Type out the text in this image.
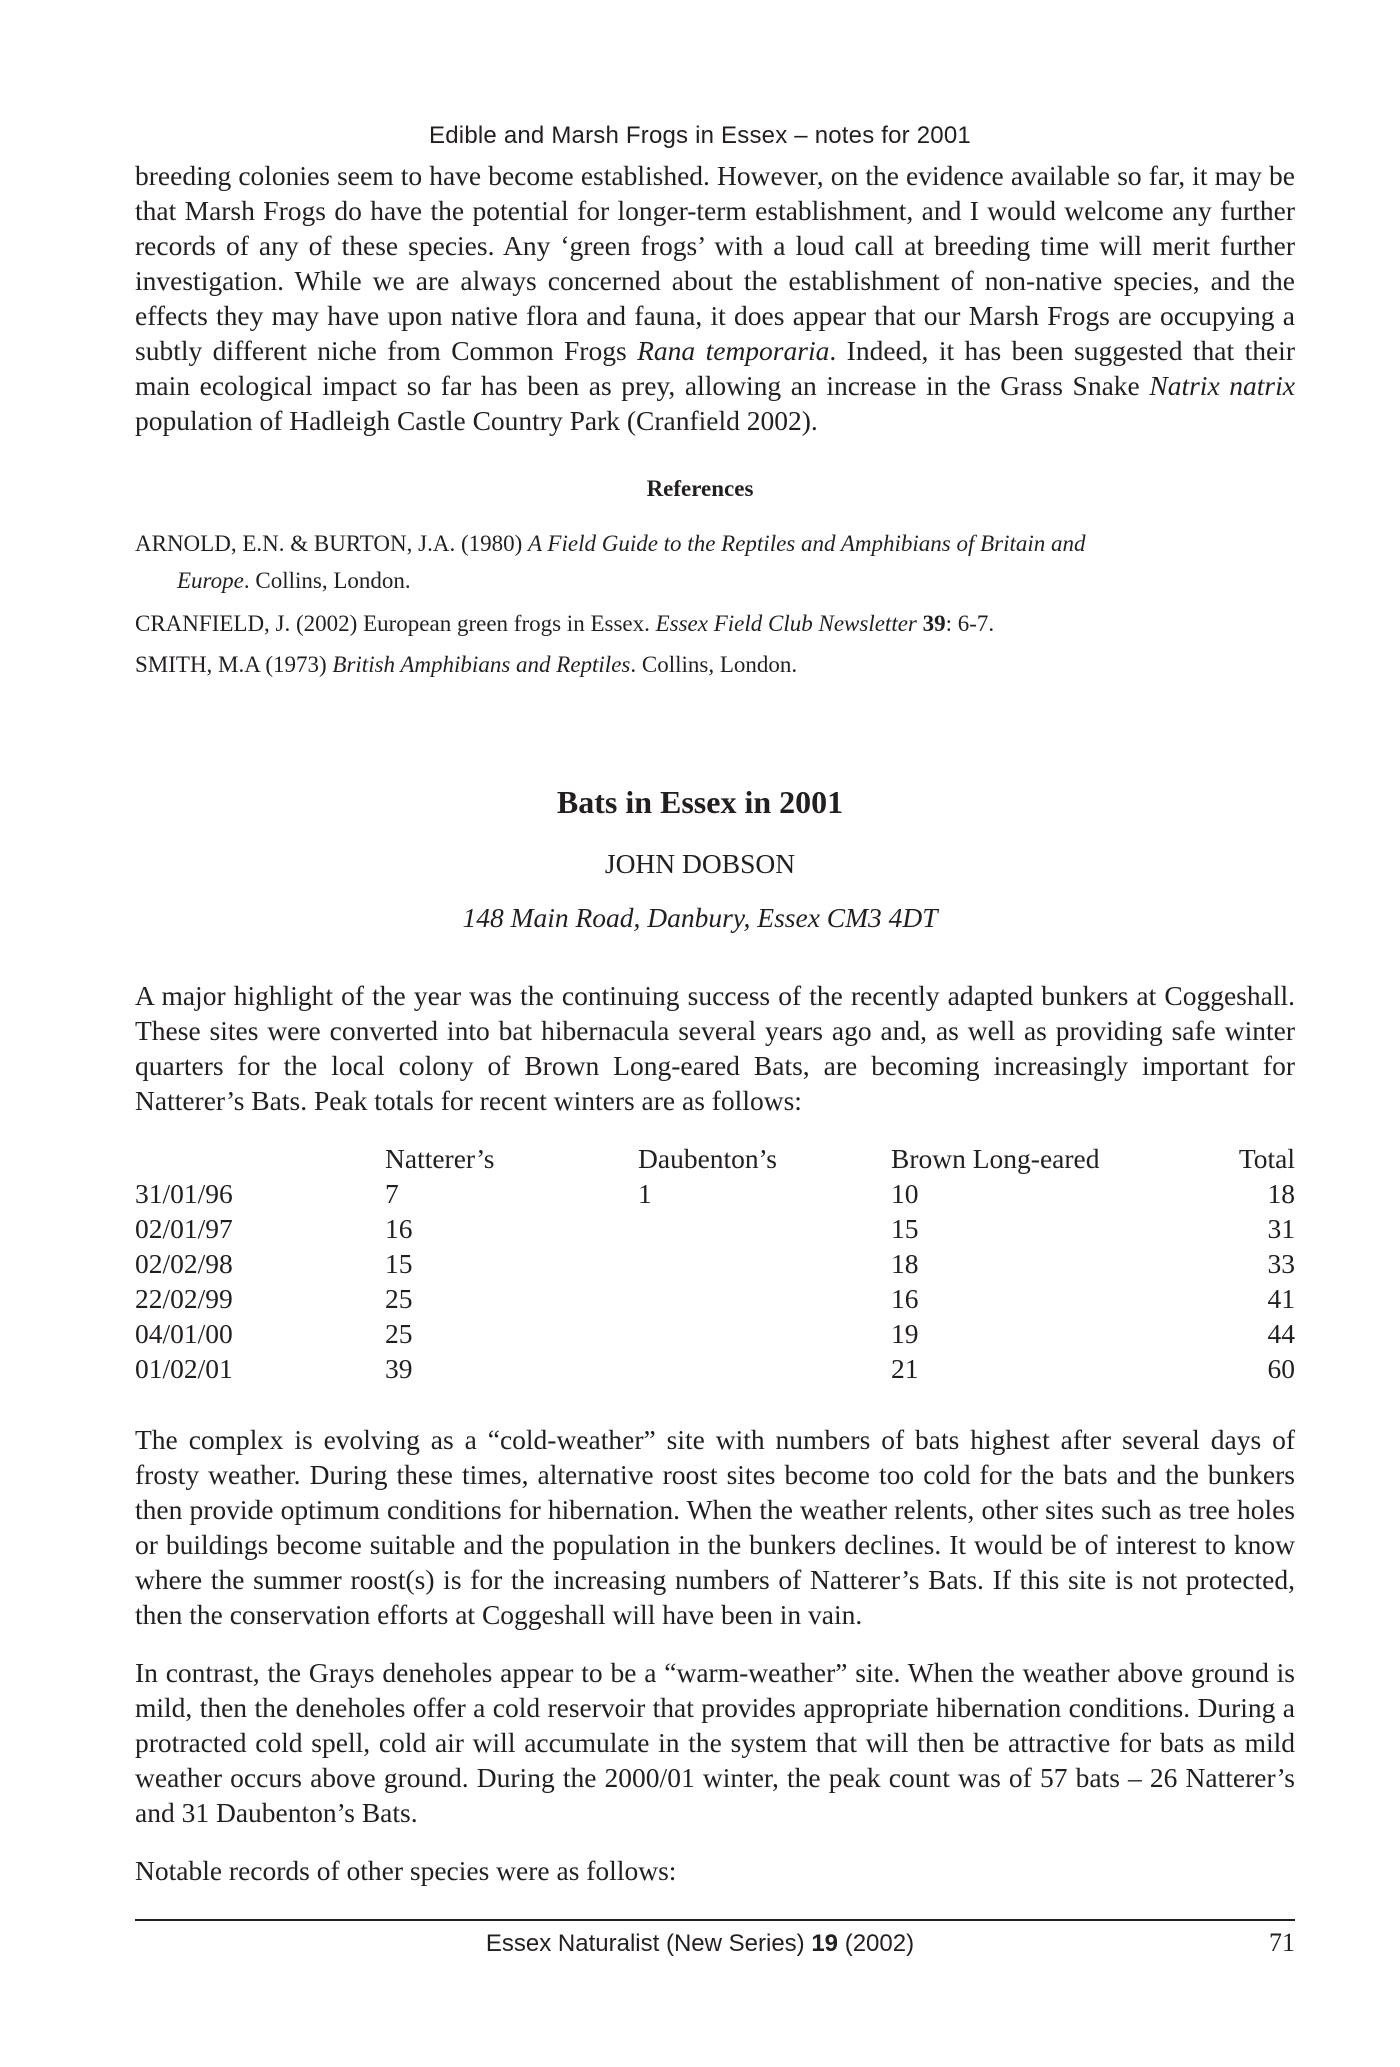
Edible and Marsh Frogs in Essex – notes for 2001

breeding colonies seem to have become established. However, on the evidence available so far, it may be that Marsh Frogs do have the potential for longer-term establishment, and I would welcome any further records of any of these species. Any ‘green frogs’ with a loud call at breeding time will merit further investigation. While we are always concerned about the establishment of non-native species, and the effects they may have upon native flora and fauna, it does appear that our Marsh Frogs are occupying a subtly different niche from Common Frogs Rana temporaria. Indeed, it has been suggested that their main ecological impact so far has been as prey, allowing an increase in the Grass Snake Natrix natrix population of Hadleigh Castle Country Park (Cranfield 2002).

References
ARNOLD, E.N. & BURTON, J.A. (1980) A Field Guide to the Reptiles and Amphibians of Britain and
Europe. Collins, London.
CRANFIELD, J. (2002) European green frogs in Essex. Essex Field Club Newsletter 39: 6-7.
SMITH, M.A (1973) British Amphibians and Reptiles. Collins, London.
Bats in Essex in 2001
JOHN DOBSON
148 Main Road, Danbury, Essex CM3 4DT

A major highlight of the year was the continuing success of the recently adapted bunkers at Coggeshall. These sites were converted into bat hibernacula several years ago and, as well as providing safe winter quarters for the local colony of Brown Long-eared Bats, are becoming increasingly important for Natterer’s Bats. Peak totals for recent winters are as follows:

	Natterer’s	Daubenton’s	Brown Long-eared	Total
31/01/96	7	1	10	18
02/01/97	16		15	31
02/02/98	15		18	33
22/02/99	25		16	41
04/01/00	25		19	44
01/02/01	39		21	60

The complex is evolving as a “cold-weather” site with numbers of bats highest after several days of frosty weather. During these times, alternative roost sites become too cold for the bats and the bunkers then provide optimum conditions for hibernation. When the weather relents, other sites such as tree holes or buildings become suitable and the population in the bunkers declines. It would be of interest to know where the summer roost(s) is for the increasing numbers of Natterer’s Bats. If this site is not protected, then the conservation efforts at Coggeshall will have been in vain.

In contrast, the Grays deneholes appear to be a “warm-weather” site. When the weather above ground is mild, then the deneholes offer a cold reservoir that provides appropriate hibernation conditions. During a protracted cold spell, cold air will accumulate in the system that will then be attractive for bats as mild weather occurs above ground. During the 2000/01 winter, the peak count was of 57 bats – 26 Natterer’s and 31 Daubenton’s Bats.

Notable records of other species were as follows:

Essex Naturalist (New Series) 19 (2002)	71
